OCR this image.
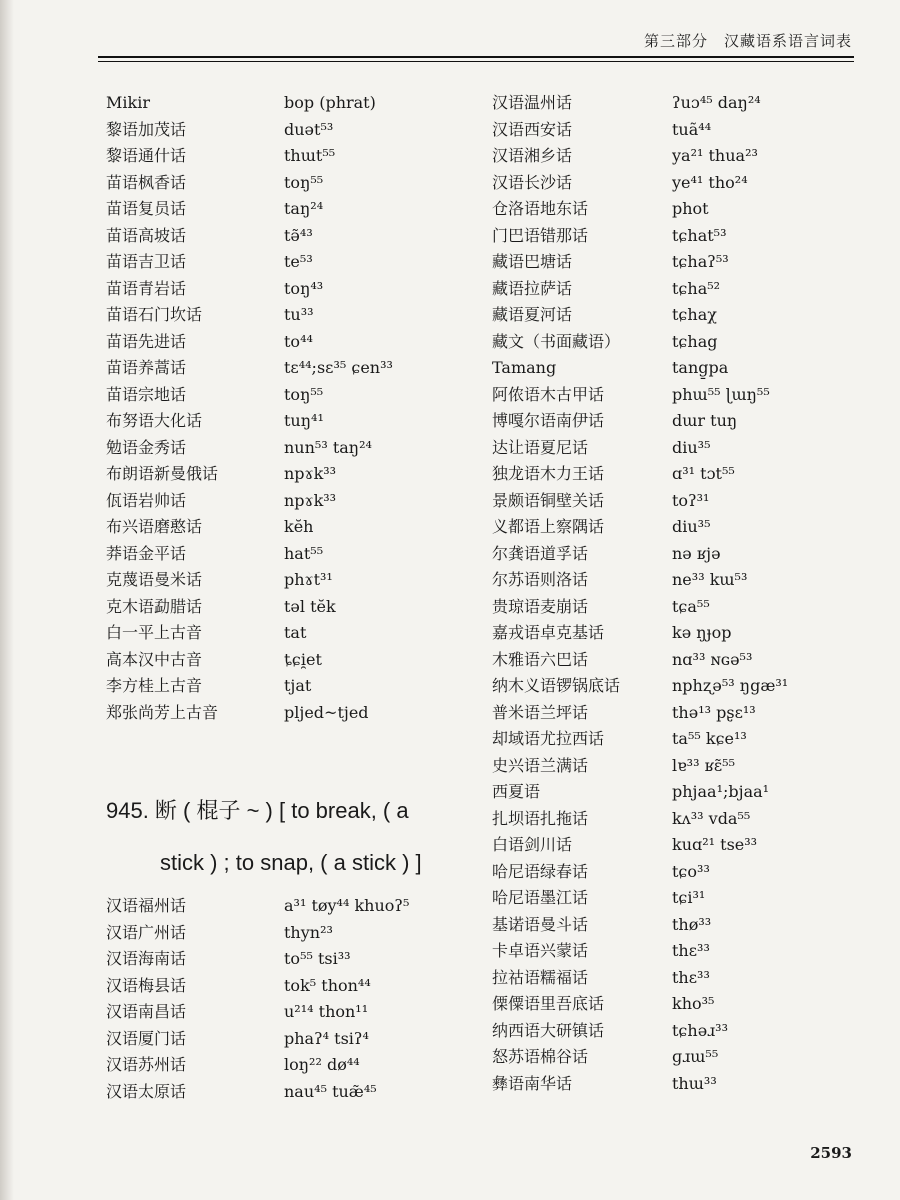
第三部分　汉藏语系语言词表
Mikir	bop (phrat)
黎语加茂话	duət⁵³
黎语通什话	thɯt⁵⁵
苗语枫香话	toŋ⁵⁵
苗语复员话	taŋ²⁴
苗语高坡话	tə̃⁴³
苗语吉卫话	te⁵³
苗语青岩话	toŋ⁴³
苗语石门坎话	tu³³
苗语先进话	to⁴⁴
苗语养蒿话	tɛ⁴⁴;sɛ³⁵ ɕen³³
苗语宗地话	toŋ⁵⁵
布努语大化话	tuŋ⁴¹
勉语金秀话	nun⁵³ taŋ²⁴
布朗语新曼俄话	npɤk³³
佤语岩帅话	npɤk³³
布兴语磨憨话	kĕh
莽语金平话	hat⁵⁵
克蔑语曼米话	phɤt³¹
克木语勐腊话	təl tĕk
白一平上古音	tat
高本汉中古音	ȶɕi̯et
李方桂上古音	tjat
郑张尚芳上古音	pljed~tjed
945. 断 ( 棍子 ~ ) [ to break, ( a
stick ) ; to snap, ( a stick ) ]
汉语福州话	a³¹ tøy⁴⁴ khuoʔ⁵
汉语广州话	thyn²³
汉语海南话	to⁵⁵ tsi³³
汉语梅县话	tok⁵ thon⁴⁴
汉语南昌话	u²¹⁴ thon¹¹
汉语厦门话	phaʔ⁴ tsiʔ⁴
汉语苏州话	loŋ²² dø⁴⁴
汉语太原话	nau⁴⁵ tuæ̃⁴⁵
汉语温州话	ʔuɔ⁴⁵ daŋ²⁴
汉语西安话	tuã⁴⁴
汉语湘乡话	ya²¹ thua²³
汉语长沙话	ye⁴¹ tho²⁴
仓洛语地东话	phot
门巴语错那话	tɕhat⁵³
藏语巴塘话	tɕhaʔ⁵³
藏语拉萨话	tɕha⁵²
藏语夏河话	tɕhaχ
藏文（书面藏语）	tɕhag
Tamang	tang̱pa
阿侬语木古甲话	phɯ⁵⁵ ɭɯŋ⁵⁵
博嘎尔语南伊话	dɯr tuŋ
达让语夏尼话	diu³⁵
独龙语木力王话	ɑ³¹ tɔt⁵⁵
景颇语铜壁关话	toʔ³¹
义都语上察隅话	diu³⁵
尔龚语道孚话	nə ʁjə
尔苏语则洛话	ne³³ kɯ⁵³
贵琼语麦崩话	tɕa⁵⁵
嘉戎语卓克基话	kə ŋɟop
木雅语六巴话	nɑ³³ ɴɢə⁵³
纳木义语锣锅底话	nphʐə⁵³ ŋgæ³¹
普米语兰坪话	thə¹³ pʂɛ¹³
却域语尤拉西话	ta⁵⁵ kɕe¹³
史兴语兰满话	lɐ³³ ʁɛ̃⁵⁵
西夏语	phjaa¹;bjaa¹
扎坝语扎拖话	kʌ³³ vda⁵⁵
白语剑川话	kuɑ²¹ tse³³
哈尼语绿春话	tɕo³³
哈尼语墨江话	tɕi³¹
基诺语曼斗话	thø³³
卡卓语兴蒙话	thɛ³³
拉祜语糯福话	thɛ³³
傈僳语里吾底话	kho³⁵
纳西语大研镇话	tɕhəɹ³³
怒苏语棉谷话	ɡɹɯ⁵⁵
彝语南华话	thɯ³³
2593
